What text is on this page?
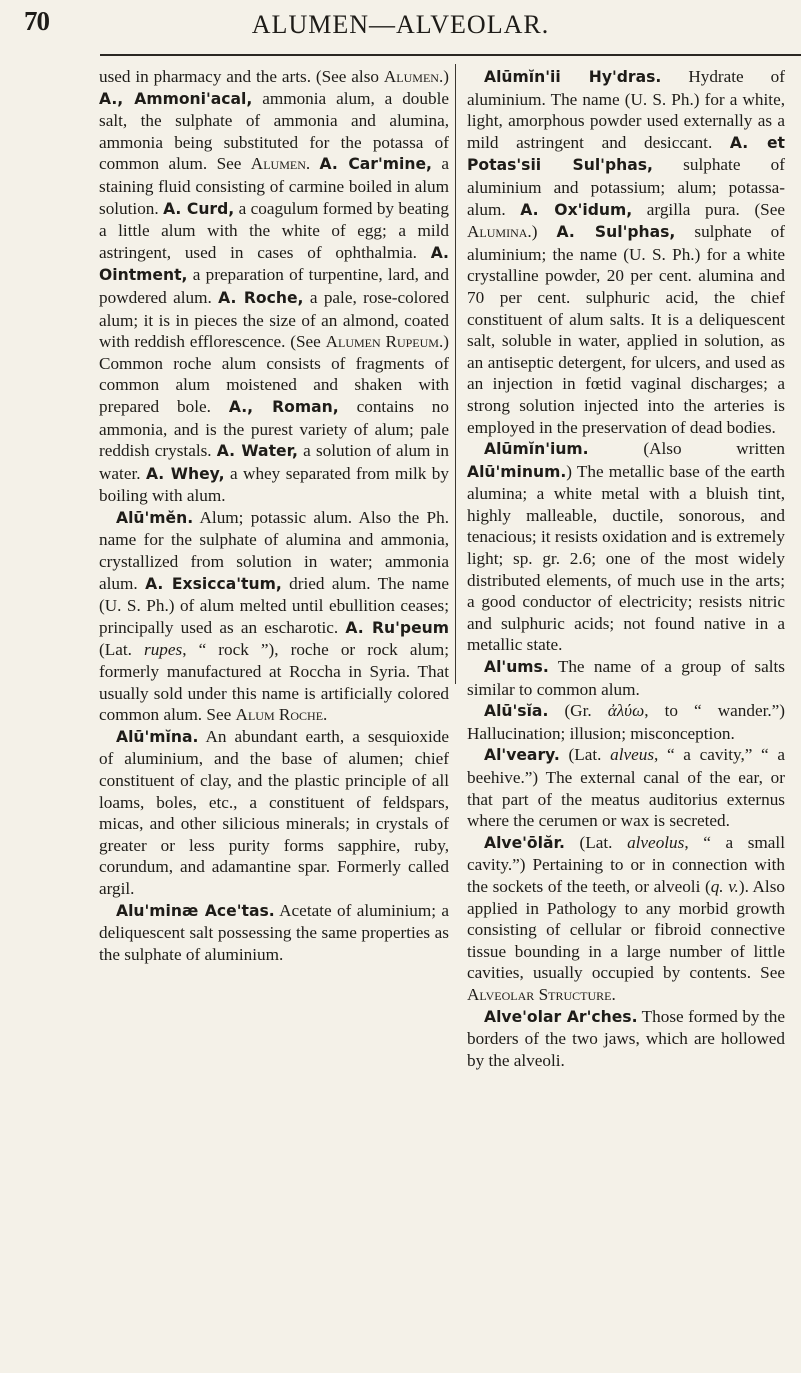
70	ALUMEN—ALVEOLAR.

used in pharmacy and the arts. (See also Alumen.) A., Ammoni'acal, ammonia alum, a double salt, the sulphate of ammonia and alumina, ammonia being substituted for the potassa of common alum. See Alumen. A. Car'mine, a staining fluid consisting of carmine boiled in alum solution. A. Curd, a coagulum formed by beating a little alum with the white of egg; a mild astringent, used in cases of ophthalmia. A. Ointment, a preparation of turpentine, lard, and powdered alum. A. Roche, a pale, rose-colored alum; it is in pieces the size of an almond, coated with reddish efflorescence. (See Alumen Rupeum.) Common roche alum consists of fragments of common alum moistened and shaken with prepared bole. A., Roman, contains no ammonia, and is the purest variety of alum; pale reddish crystals. A. Water, a solution of alum in water. A. Whey, a whey separated from milk by boiling with alum.

Alū'mĕn. Alum; potassic alum. Also the Ph. name for the sulphate of alumina and ammonia, crystallized from solution in water; ammonia alum. A. Exsicca'tum, dried alum. The name (U. S. Ph.) of alum melted until ebullition ceases; principally used as an escharotic. A. Ru'peum (Lat. rupes, “ rock ”), roche or rock alum; formerly manufactured at Roccha in Syria. That usually sold under this name is artificially colored common alum. See Alum Roche.

Alū'mĭna. An abundant earth, a sesquioxide of aluminium, and the base of alumen; chief constituent of clay, and the plastic principle of all loams, boles, etc., a constituent of feldspars, micas, and other silicious minerals; in crystals of greater or less purity forms sapphire, ruby, corundum, and adamantine spar. Formerly called argil.

Alu'minæ Ace'tas. Acetate of aluminium; a deliquescent salt possessing the same properties as the sulphate of aluminium.

Alūmĭn'ii Hy'dras. Hydrate of aluminium. The name (U. S. Ph.) for a white, light, amorphous powder used externally as a mild astringent and desiccant. A. et Potas'sii Sul'phas, sulphate of aluminium and potassium; alum; potassa-alum. A. Ox'idum, argilla pura. (See Alumina.) A. Sul'phas, sulphate of aluminium; the name (U. S. Ph.) for a white crystalline powder, 20 per cent. alumina and 70 per cent. sulphuric acid, the chief constituent of alum salts. It is a deliquescent salt, soluble in water, applied in solution, as an antiseptic detergent, for ulcers, and used as an injection in fœtid vaginal discharges; a strong solution injected into the arteries is employed in the preservation of dead bodies.

Alūmĭn'ium. (Also written Alū'minum.) The metallic base of the earth alumina; a white metal with a bluish tint, highly malleable, ductile, sonorous, and tenacious; it resists oxidation and is extremely light; sp. gr. 2.6; one of the most widely distributed elements, of much use in the arts; a good conductor of electricity; resists nitric and sulphuric acids; not found native in a metallic state.

Al'ums. The name of a group of salts similar to common alum.

Alū'sĭa. (Gr. ἀλύω, to “ wander.”) Hallucination; illusion; misconception.

Al'veary. (Lat. alveus, “ a cavity,” “ a beehive.”) The external canal of the ear, or that part of the meatus auditorius externus where the cerumen or wax is secreted.

Alve'ōlăr. (Lat. alveolus, “ a small cavity.”) Pertaining to or in connection with the sockets of the teeth, or alveoli (q. v.). Also applied in Pathology to any morbid growth consisting of cellular or fibroid connective tissue bounding in a large number of little cavities, usually occupied by contents. See Alveolar Structure.

Alve'olar Ar'ches. Those formed by the borders of the two jaws, which are hollowed by the alveoli.
